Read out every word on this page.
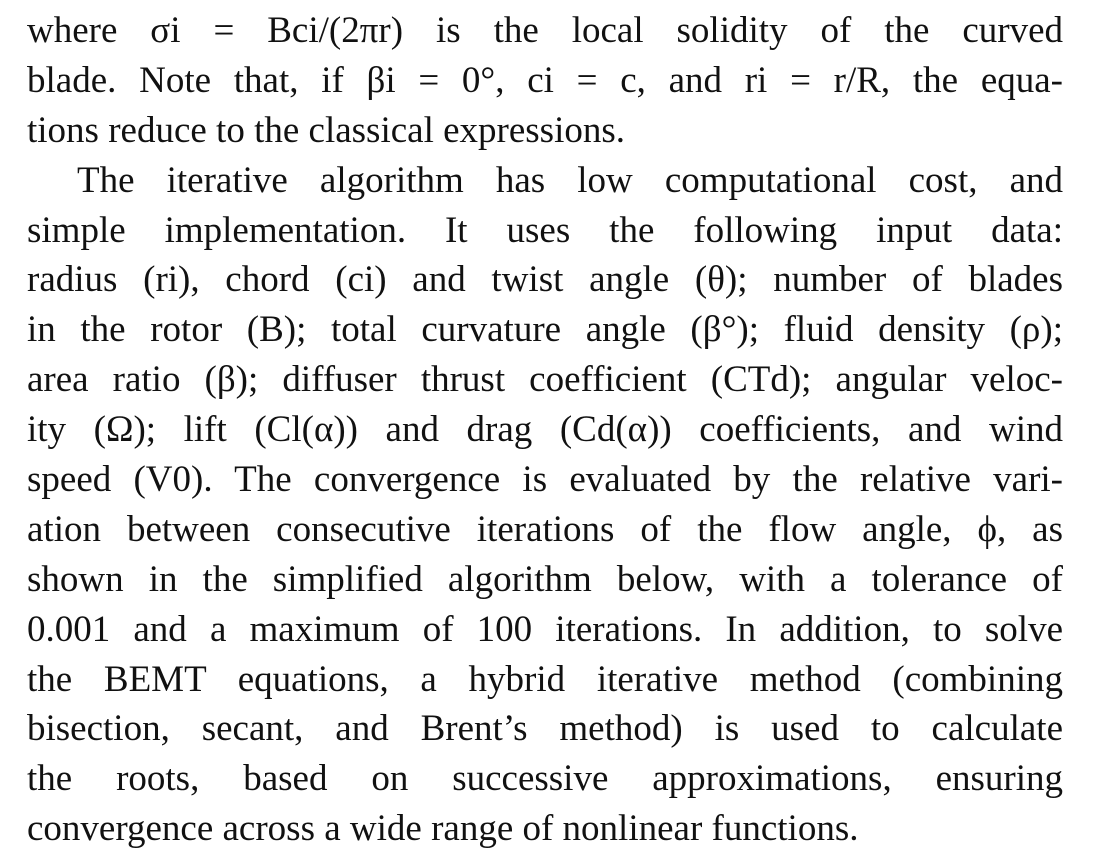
where σi = Bci/(2πr) is the local solidity of the curved
blade. Note that, if βi = 0°, ci = c, and ri = r/R, the equa-
tions reduce to the classical expressions.

The iterative algorithm has low computational cost, and
simple implementation. It uses the following input data:
radius (ri), chord (ci) and twist angle (θ); number of blades
in the rotor (B); total curvature angle (β°); fluid density (ρ);
area ratio (β); diffuser thrust coefficient (CTd); angular veloc-
ity (Ω); lift (Cl(α)) and drag (Cd(α)) coefficients, and wind
speed (V0). The convergence is evaluated by the relative vari-
ation between consecutive iterations of the flow angle, ϕ, as
shown in the simplified algorithm below, with a tolerance of
0.001 and a maximum of 100 iterations. In addition, to solve
the BEMT equations, a hybrid iterative method (combining
bisection, secant, and Brent’s method) is used to calculate
the roots, based on successive approximations, ensuring
convergence across a wide range of nonlinear functions.
